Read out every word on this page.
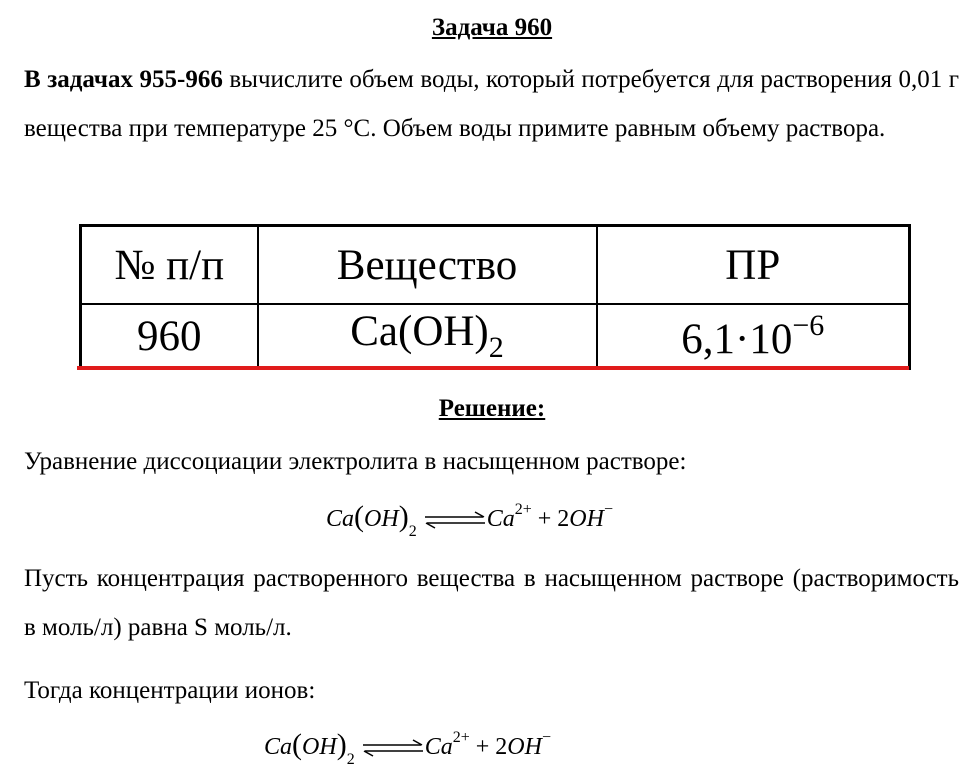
Задача 960
В задачах 955-966 вычислите объем воды, который потребуется для растворения 0,01 г вещества при температуре 25 °С. Объем воды примите равным объему раствора.
№ п/п	Вещество	ПР
960	$Ca(OH)_2$	$6,1\cdot 10^{-6}$
Решение:
Уравнение диссоциации электролита в насыщенном растворе:
$Ca(OH)_2$ $\rightleftharpoons Ca^{2+} + 2OH^-$
Пусть концентрация растворенного вещества в насыщенном растворе (растворимость в моль/л) равна S моль/л.
Тогда концентрации ионов:
$Ca(OH)_2$ $\rightleftharpoons Ca^{2+} + 2OH^-$
